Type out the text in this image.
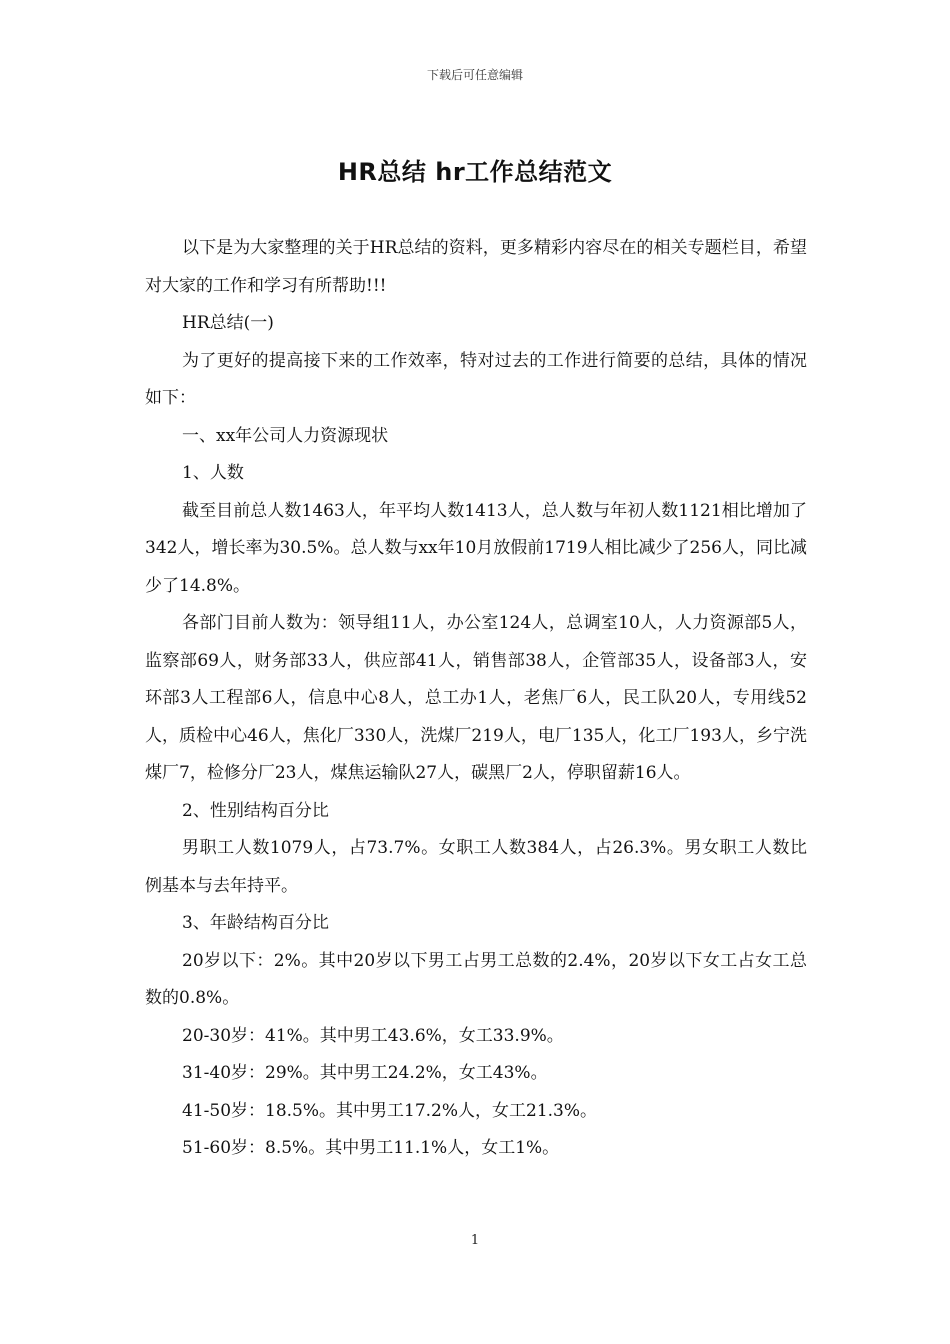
下载后可任意编辑
HR总结 hr工作总结范文

以下是为大家整理的关于HR总结的资料，更多精彩内容尽在的相关专题栏目，希望对大家的工作和学习有所帮助!!!

HR总结(一)

为了更好的提高接下来的工作效率，特对过去的工作进行简要的总结，具体的情况如下：

一、xx年公司人力资源现状

1、人数

截至目前总人数1463人，年平均人数1413人，总人数与年初人数1121相比增加了342人，增长率为30.5%。总人数与xx年10月放假前1719人相比减少了256人，同比减少了14.8%。

各部门目前人数为：领导组11人，办公室124人，总调室10人，人力资源部5人，监察部69人，财务部33人，供应部41人，销售部38人，企管部35人，设备部3人，安环部3人工程部6人，信息中心8人，总工办1人，老焦厂6人，民工队20人，专用线52人，质检中心46人，焦化厂330人，洗煤厂219人，电厂135人，化工厂193人，乡宁洗煤厂7，检修分厂23人，煤焦运输队27人，碳黑厂2人，停职留薪16人。

2、性别结构百分比

男职工人数1079人，占73.7%。女职工人数384人，占26.3%。男女职工人数比例基本与去年持平。

3、年龄结构百分比

20岁以下：2%。其中20岁以下男工占男工总数的2.4%，20岁以下女工占女工总数的0.8%。

20-30岁：41%。其中男工43.6%，女工33.9%。

31-40岁：29%。其中男工24.2%，女工43%。

41-50岁：18.5%。其中男工17.2%人，女工21.3%。

51-60岁：8.5%。其中男工11.1%人，女工1%。

1
